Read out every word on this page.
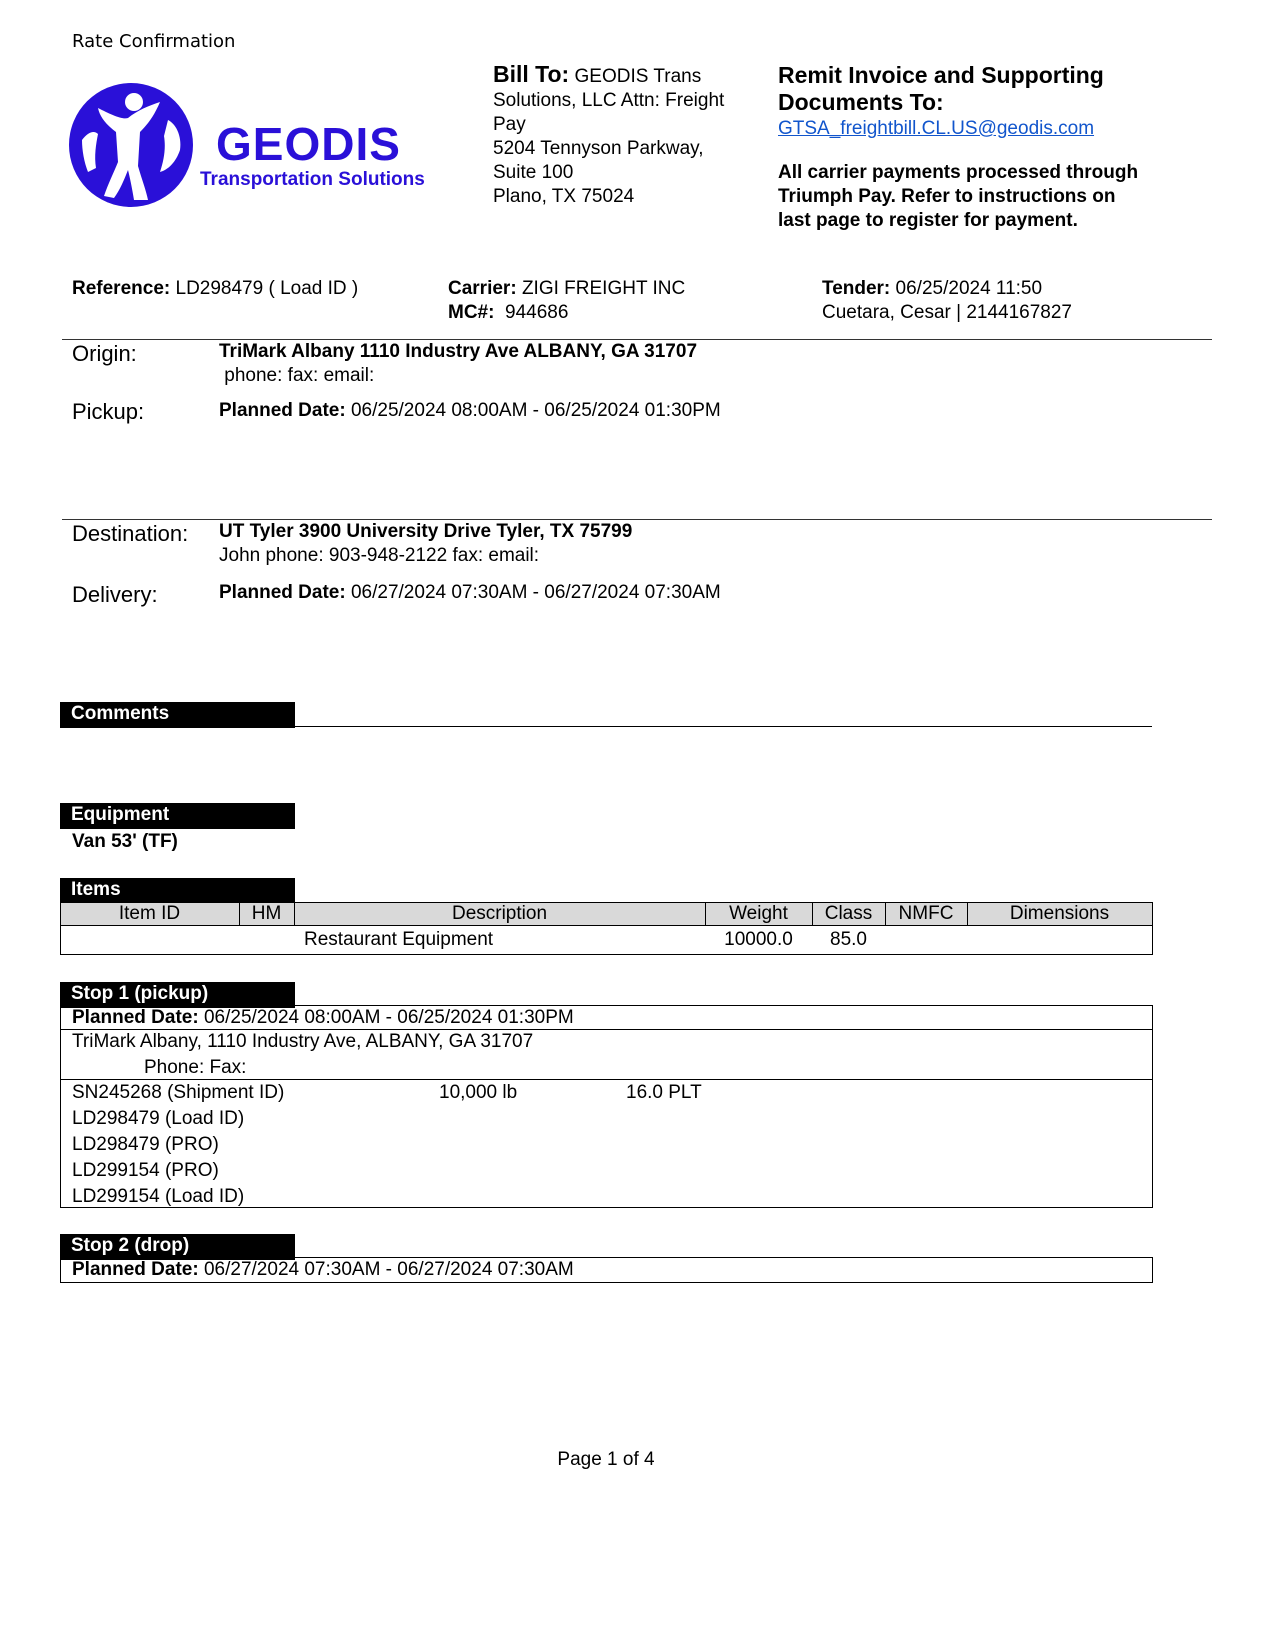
Rate Confirmation
GEODIS
Transportation Solutions
Bill To: GEODIS Trans
Solutions, LLC Attn: Freight
Pay
5204 Tennyson Parkway,
Suite 100
Plano, TX 75024
Remit Invoice and Supporting
Documents To:
GTSA_freightbill.CL.US@geodis.com
All carrier payments processed through
Triumph Pay. Refer to instructions on
last page to register for payment.
Reference: LD298479 ( Load ID )	Carrier: ZIGI FREIGHT INC
MC#: 944686
Tender: 06/25/2024 11:50
Cuetara, Cesar | 2144167827
Origin:	TriMark Albany 1110 Industry Ave ALBANY, GA 31707
phone: fax: email:
Pickup:	Planned Date: 06/25/2024 08:00AM - 06/25/2024 01:30PM
Destination: UT Tyler 3900 University Drive Tyler, TX 75799
John phone: 903-948-2122 fax: email:
Delivery:	Planned Date: 06/27/2024 07:30AM - 06/27/2024 07:30AM
Comments
Equipment
Van 53' (TF)
Items
Item ID	HM	Description	Weight	Class	NMFC	Dimensions
		Restaurant Equipment	10000.0	85.0		
Stop 1 (pickup)
Planned Date: 06/25/2024 08:00AM - 06/25/2024 01:30PM
TriMark Albany, 1110 Industry Ave, ALBANY, GA 31707
Phone: Fax:
SN245268 (Shipment ID)	10,000 lb	16.0 PLT
LD298479 (Load ID)
LD298479 (PRO)
LD299154 (PRO)
LD299154 (Load ID)
Stop 2 (drop)
Planned Date: 06/27/2024 07:30AM - 06/27/2024 07:30AM
Page 1 of 4
